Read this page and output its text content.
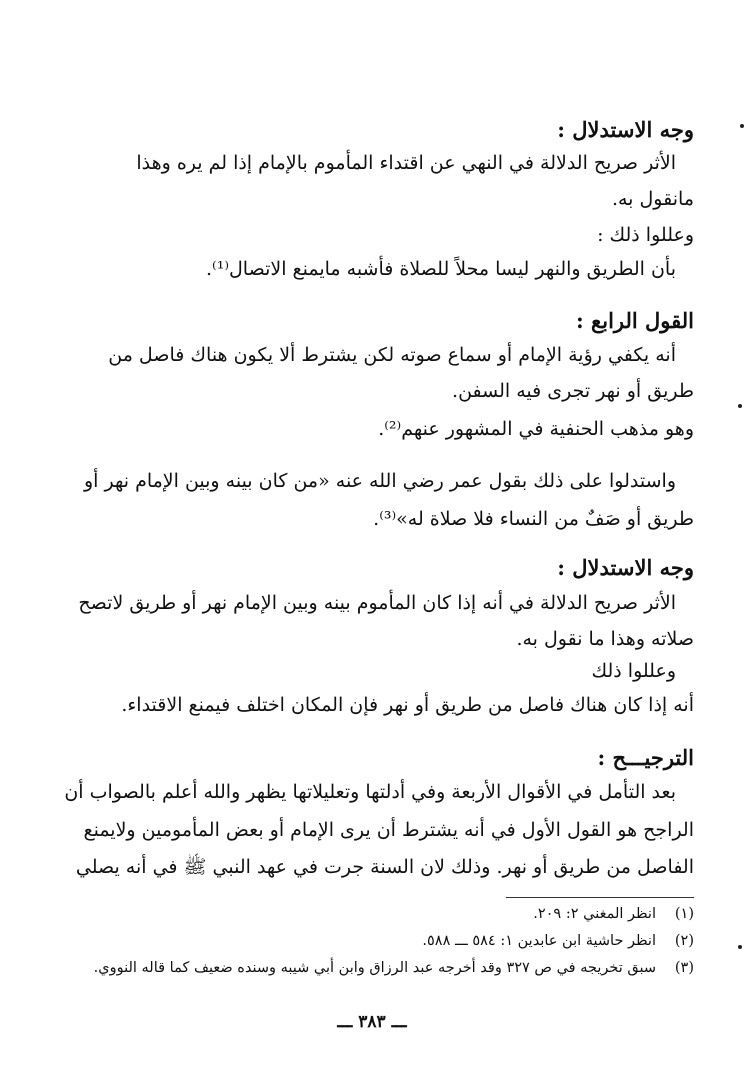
وجه الاستدلال :
الأثر صريح الدلالة في النهي عن اقتداء المأموم بالإمام إذا لم يره وهذا
مانقول به.
وعللوا ذلك :
بأن الطريق والنهر ليسا محلاً للصلاة فأشبه مايمنع الاتصال⁽¹⁾.
القول الرابع :
أنه يكفي رؤية الإمام أو سماع صوته لكن يشترط ألا يكون هناك فاصل من
طريق أو نهر تجرى فيه السفن.
وهو مذهب الحنفية في المشهور عنهم⁽²⁾.
واستدلوا على ذلك بقول عمر رضي الله عنه «من كان بينه وبين الإمام نهر أو
طريق أو صَفٌ من النساء فلا صلاة له»⁽³⁾.
وجه الاستدلال :
الأثر صريح الدلالة في أنه إذا كان المأموم بينه وبين الإمام نهر أو طريق لاتصح
صلاته وهذا ما نقول به.
وعللوا ذلك
أنه إذا كان هناك فاصل من طريق أو نهر فإن المكان اختلف فيمنع الاقتداء.
الترجيـــح :
بعد التأمل في الأقوال الأربعة وفي أدلتها وتعليلاتها يظهر والله أعلم بالصواب أن
الراجح هو القول الأول في أنه يشترط أن يرى الإمام أو بعض المأمومين ولايمنع
الفاصل من طريق أو نهر. وذلك لان السنة جرت في عهد النبي ﷺ في أنه يصلي
(١)انظر المغني ٢: ٢٠٩.
(٢)انظر حاشية ابن عابدين ١: ٥٨٤ ـــ ٥٨٨.
(٣)سبق تخريجه في ص ٣٢٧ وقد أخرجه عبد الرزاق وابن أبي شيبه وسنده ضعيف كما قاله النووي.
ـــ ٣٨٣ ـــ
